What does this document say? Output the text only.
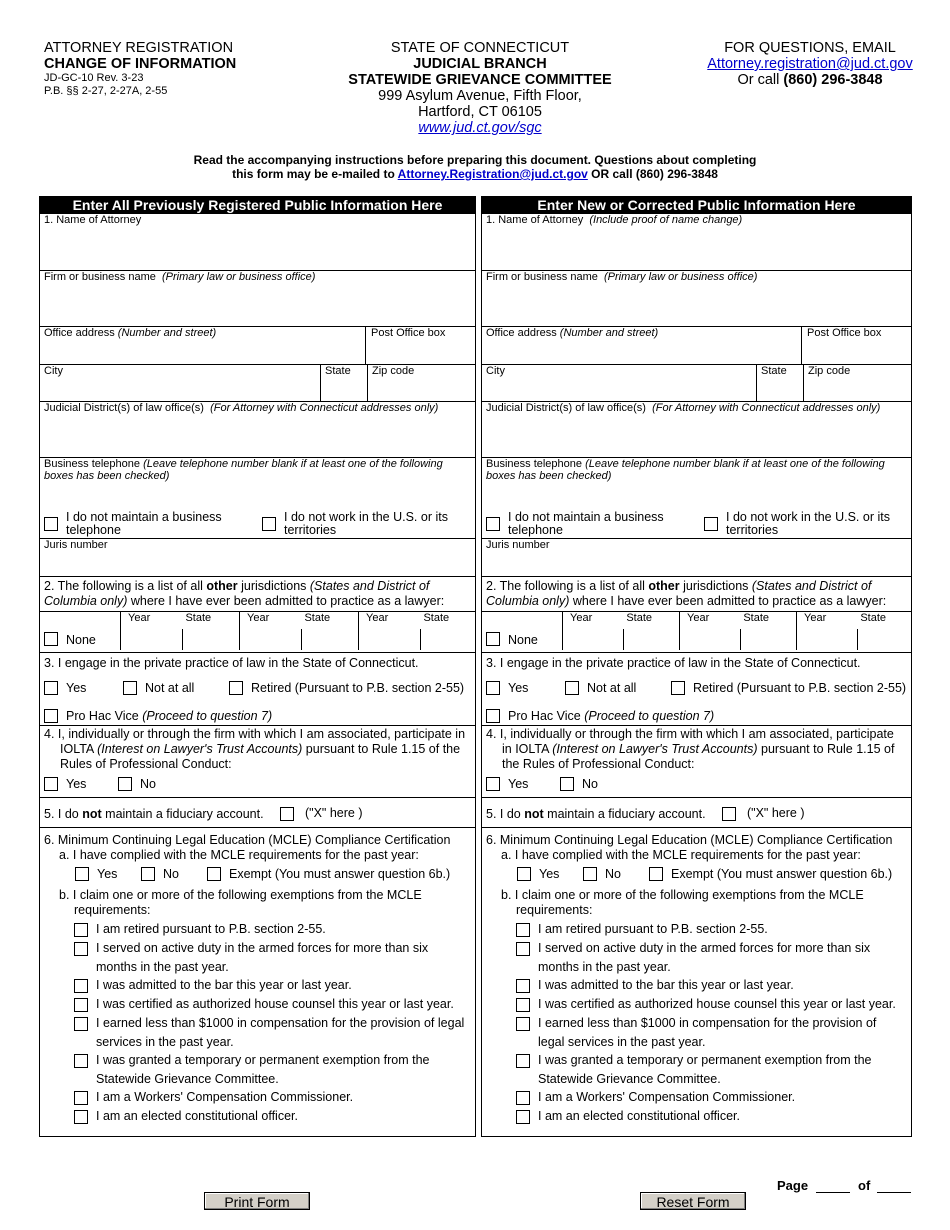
ATTORNEY REGISTRATION
CHANGE OF INFORMATION
JD-GC-10 Rev. 3-23
P.B. §§ 2-27, 2-27A, 2-55
STATE OF CONNECTICUT
JUDICIAL BRANCH
STATEWIDE GRIEVANCE COMMITTEE
999 Asylum Avenue, Fifth Floor,
Hartford, CT 06105
www.jud.ct.gov/sgc
FOR QUESTIONS, EMAIL
Attorney.registration@jud.ct.gov
Or call (860) 296-3848
Read the accompanying instructions before preparing this document. Questions about completing
this form may be e-mailed to Attorney.Registration@jud.ct.gov OR call (860) 296-3848
Enter All Previously Registered Public Information Here
1. Name of Attorney
Firm or business name (Primary law or business office)
Office address (Number and street)	Post Office box
City	State Zip code
Judicial District(s) of law office(s) (For Attorney with Connecticut addresses only)
Business telephone (Leave telephone number blank if at least one of the following boxes has been checked)
I do not maintain a business telephone
I do not work in the U.S. or its territories
Juris number
2. The following is a list of all other jurisdictions (States and District of Columbia only) where I have ever been admitted to practice as a lawyer:
None
Year	State	Year	State	Year	State
3. I engage in the private practice of law in the State of Connecticut.
Yes	Not at all	Retired (Pursuant to P.B. section 2-55)
Pro Hac Vice (Proceed to question 7)
4. I, individually or through the firm with which I am associated, participate in IOLTA (Interest on Lawyer's Trust Accounts) pursuant to Rule 1.15 of the Rules of Professional Conduct:
Yes	No
5. I do not maintain a fiduciary account.	("X" here )
6. Minimum Continuing Legal Education (MCLE) Compliance Certification
a. I have complied with the MCLE requirements for the past year:
Yes	No	Exempt (You must answer question 6b.)
b. I claim one or more of the following exemptions from the MCLE requirements:
I am retired pursuant to P.B. section 2-55.
I served on active duty in the armed forces for more than six months in the past year.
I was admitted to the bar this year or last year.
I was certified as authorized house counsel this year or last year.
I earned less than $1000 in compensation for the provision of legal services in the past year.
I was granted a temporary or permanent exemption from the Statewide Grievance Committee.
I am a Workers' Compensation Commissioner.
I am an elected constitutional officer.
Enter New or Corrected Public Information Here
1. Name of Attorney (Include proof of name change)
Firm or business name (Primary law or business office)
Office address (Number and street)	Post Office box
City	State Zip code
Judicial District(s) of law office(s) (For Attorney with Connecticut addresses only)
Business telephone (Leave telephone number blank if at least one of the following boxes has been checked)
I do not maintain a business telephone
I do not work in the U.S. or its territories
Juris number
2. The following is a list of all other jurisdictions (States and District of Columbia only) where I have ever been admitted to practice as a lawyer:
None
Year	State	Year	State	Year	State
3. I engage in the private practice of law in the State of Connecticut.
Yes	Not at all	Retired (Pursuant to P.B. section 2-55)
Pro Hac Vice (Proceed to question 7)
4. I, individually or through the firm with which I am associated, participate in IOLTA (Interest on Lawyer's Trust Accounts) pursuant to Rule 1.15 of the Rules of Professional Conduct:
Yes	No
5. I do not maintain a fiduciary account.	("X" here )
6. Minimum Continuing Legal Education (MCLE) Compliance Certification
a. I have complied with the MCLE requirements for the past year:
Yes	No	Exempt (You must answer question 6b.)
b. I claim one or more of the following exemptions from the MCLE requirements:
I am retired pursuant to P.B. section 2-55.
I served on active duty in the armed forces for more than six months in the past year.
I was admitted to the bar this year or last year.
I was certified as authorized house counsel this year or last year.
I earned less than $1000 in compensation for the provision of legal services in the past year.
I was granted a temporary or permanent exemption from the Statewide Grievance Committee.
I am a Workers' Compensation Commissioner.
I am an elected constitutional officer.
Print Form	Reset Form
Page	of
